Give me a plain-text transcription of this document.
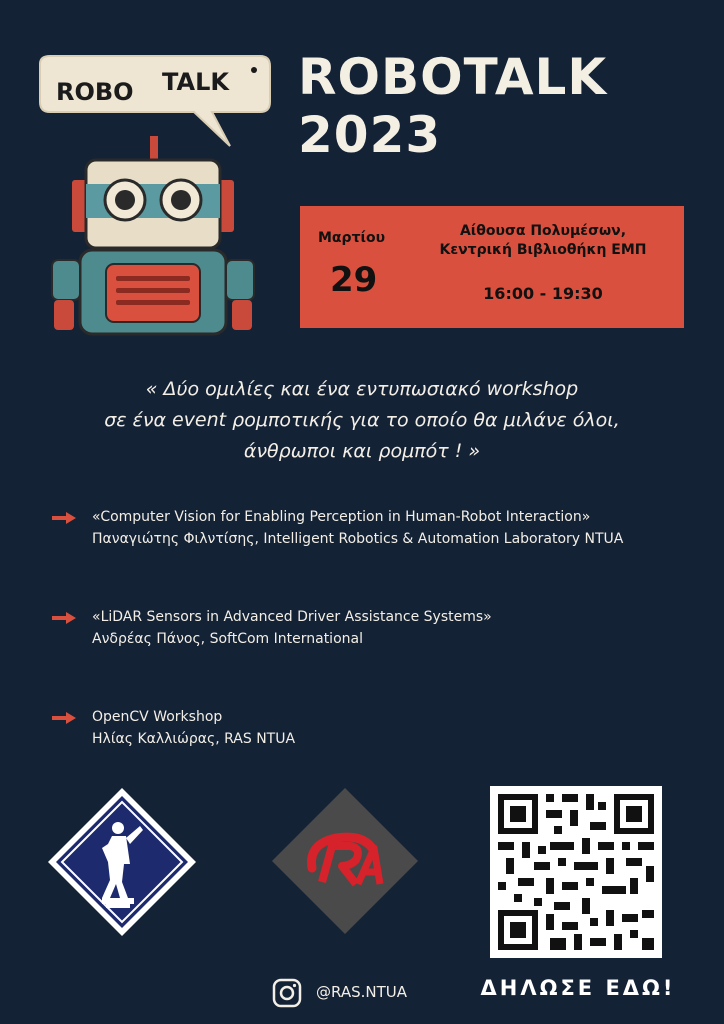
ROBO TALK ROBOTALK
2023
Μαρτίου
29
Αίθουσα Πολυμέσων,
Κεντρική Βιβλιοθήκη ΕΜΠ
16:00 - 19:30
« Δύο ομιλίες και ένα εντυπωσιακό workshop
σε ένα event ρομποτικής για το οποίο θα μιλάνε όλοι,
άνθρωποι και ρομπότ ! »
«Computer Vision for Enabling Perception in Human-Robot Interaction»
Παναγιώτης Φιλντίσης, Intelligent Robotics & Automation Laboratory NTUA
«LiDAR Sensors in Advanced Driver Assistance Systems»
Ανδρέας Πάνος, SoftCom International
OpenCV Workshop
Ηλίας Καλλιώρας, RAS NTUA
@RAS.NTUA	ΔΗΛΩΣΕ ΕΔΩ!
